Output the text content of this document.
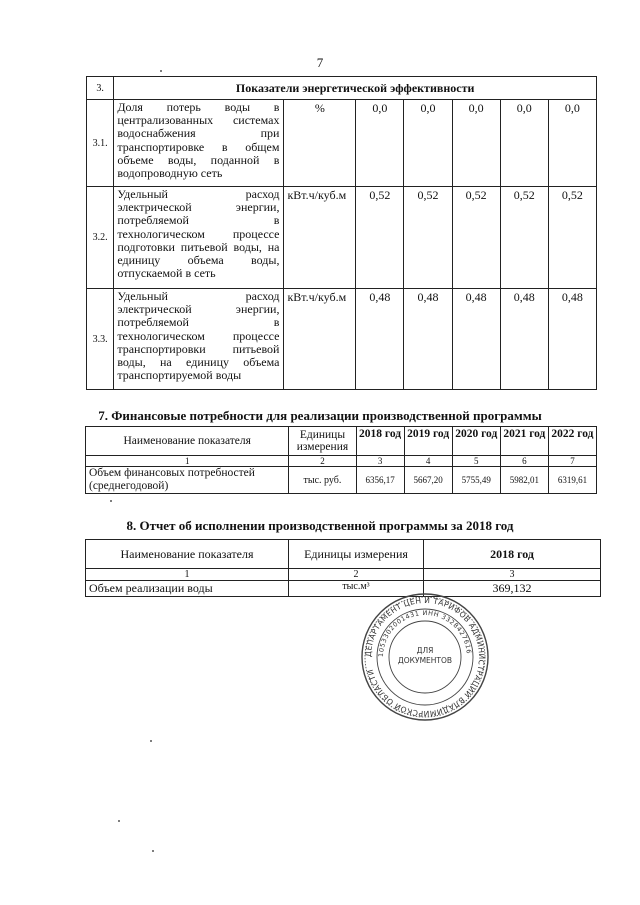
7
3.	Показатели энергетической эффективности						
3.1.	Доля потерь воды в централизованных системах водоснабжения при транспортировке в общем объеме воды, поданной в водопроводную сеть	%	0,0	0,0	0,0	0,0	0,0
3.2.	Удельный расход электрической энергии, потребляемой в технологическом процессе подготовки питьевой воды, на единицу объема воды, отпускаемой в сеть	кВт.ч/куб.м	0,52	0,52	0,52	0,52	0,52
3.3.	Удельный расход электрической энергии, потребляемой в технологическом процессе транспортировки питьевой воды, на единицу объема транспортируемой воды	кВт.ч/куб.м	0,48	0,48	0,48	0,48	0,48
7. Финансовые потребности для реализации производственной программы
Наименование показателя	Единицы измерения	2018 год	2019 год	2020 год	2021 год	2022 год
1	2	3	4	5	6	7
Объем финансовых потребностей (среднегодовой)	тыс. руб.	6356,17	5667,20	5755,49	5982,01	6319,61
8. Отчет об исполнении производственной программы за 2018 год
Наименование показателя	Единицы измерения	2018 год
1	2	3
Объем реализации воды	тыс.м³	369,132
ДЕПАРТАМЕНТ ЦЕН И ТАРИФОВ АДМИНИСТРАЦИИ ВЛАДИМИРСКОЙ ОБЛАСТИ
1053302001431 ИНН 3328427616
ДЛЯ
ДОКУМЕНТОВ
